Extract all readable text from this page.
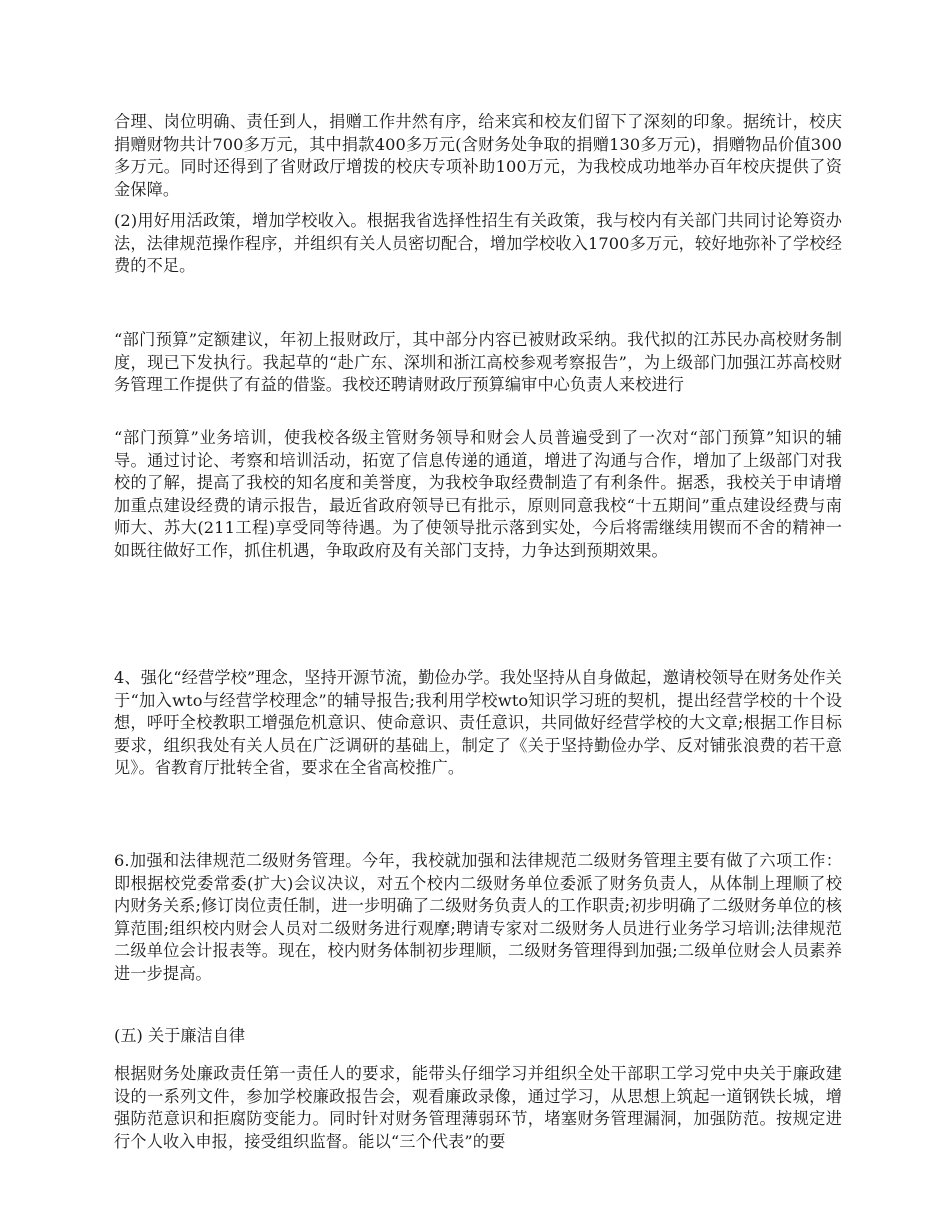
合理、岗位明确、责任到人，捐赠工作井然有序，给来宾和校友们留下了深刻的印象。据统计，校庆捐赠财物共计700多万元，其中捐款400多万元(含财务处争取的捐赠130多万元)，捐赠物品价值300多万元。同时还得到了省财政厅增拨的校庆专项补助100万元，为我校成功地举办百年校庆提供了资金保障。

(2)用好用活政策，增加学校收入。根据我省选择性招生有关政策，我与校内有关部门共同讨论筹资办法，法律规范操作程序，并组织有关人员密切配合，增加学校收入1700多万元，较好地弥补了学校经费的不足。

“部门预算”定额建议，年初上报财政厅，其中部分内容已被财政采纳。我代拟的江苏民办高校财务制度，现已下发执行。我起草的“赴广东、深圳和浙江高校参观考察报告”，为上级部门加强江苏高校财务管理工作提供了有益的借鉴。我校还聘请财政厅预算编审中心负责人来校进行

“部门预算”业务培训，使我校各级主管财务领导和财会人员普遍受到了一次对“部门预算”知识的辅导。通过讨论、考察和培训活动，拓宽了信息传递的通道，增进了沟通与合作，增加了上级部门对我校的了解，提高了我校的知名度和美誉度，为我校争取经费制造了有利条件。据悉，我校关于申请增加重点建设经费的请示报告，最近省政府领导已有批示，原则同意我校“十五期间”重点建设经费与南师大、苏大(211工程)享受同等待遇。为了使领导批示落到实处，今后将需继续用锲而不舍的精神一如既往做好工作，抓住机遇，争取政府及有关部门支持，力争达到预期效果。

4、强化“经营学校”理念，坚持开源节流，勤俭办学。我处坚持从自身做起，邀请校领导在财务处作关于“加入wto与经营学校理念”的辅导报告;我利用学校wto知识学习班的契机，提出经营学校的十个设想，呼吁全校教职工增强危机意识、使命意识、责任意识，共同做好经营学校的大文章;根据工作目标要求，组织我处有关人员在广泛调研的基础上，制定了《关于坚持勤俭办学、反对铺张浪费的若干意见》。省教育厅批转全省，要求在全省高校推广。

6.加强和法律规范二级财务管理。今年，我校就加强和法律规范二级财务管理主要有做了六项工作：即根据校党委常委(扩大)会议决议，对五个校内二级财务单位委派了财务负责人，从体制上理顺了校内财务关系;修订岗位责任制，进一步明确了二级财务负责人的工作职责;初步明确了二级财务单位的核算范围;组织校内财会人员对二级财务进行观摩;聘请专家对二级财务人员进行业务学习培训;法律规范二级单位会计报表等。现在，校内财务体制初步理顺，二级财务管理得到加强;二级单位财会人员素养进一步提高。

(五) 关于廉洁自律

根据财务处廉政责任第一责任人的要求，能带头仔细学习并组织全处干部职工学习党中央关于廉政建设的一系列文件，参加学校廉政报告会，观看廉政录像，通过学习，从思想上筑起一道钢铁长城，增强防范意识和拒腐防变能力。同时针对财务管理薄弱环节，堵塞财务管理漏洞，加强防范。按规定进行个人收入申报，接受组织监督。能以“三个代表”的要
